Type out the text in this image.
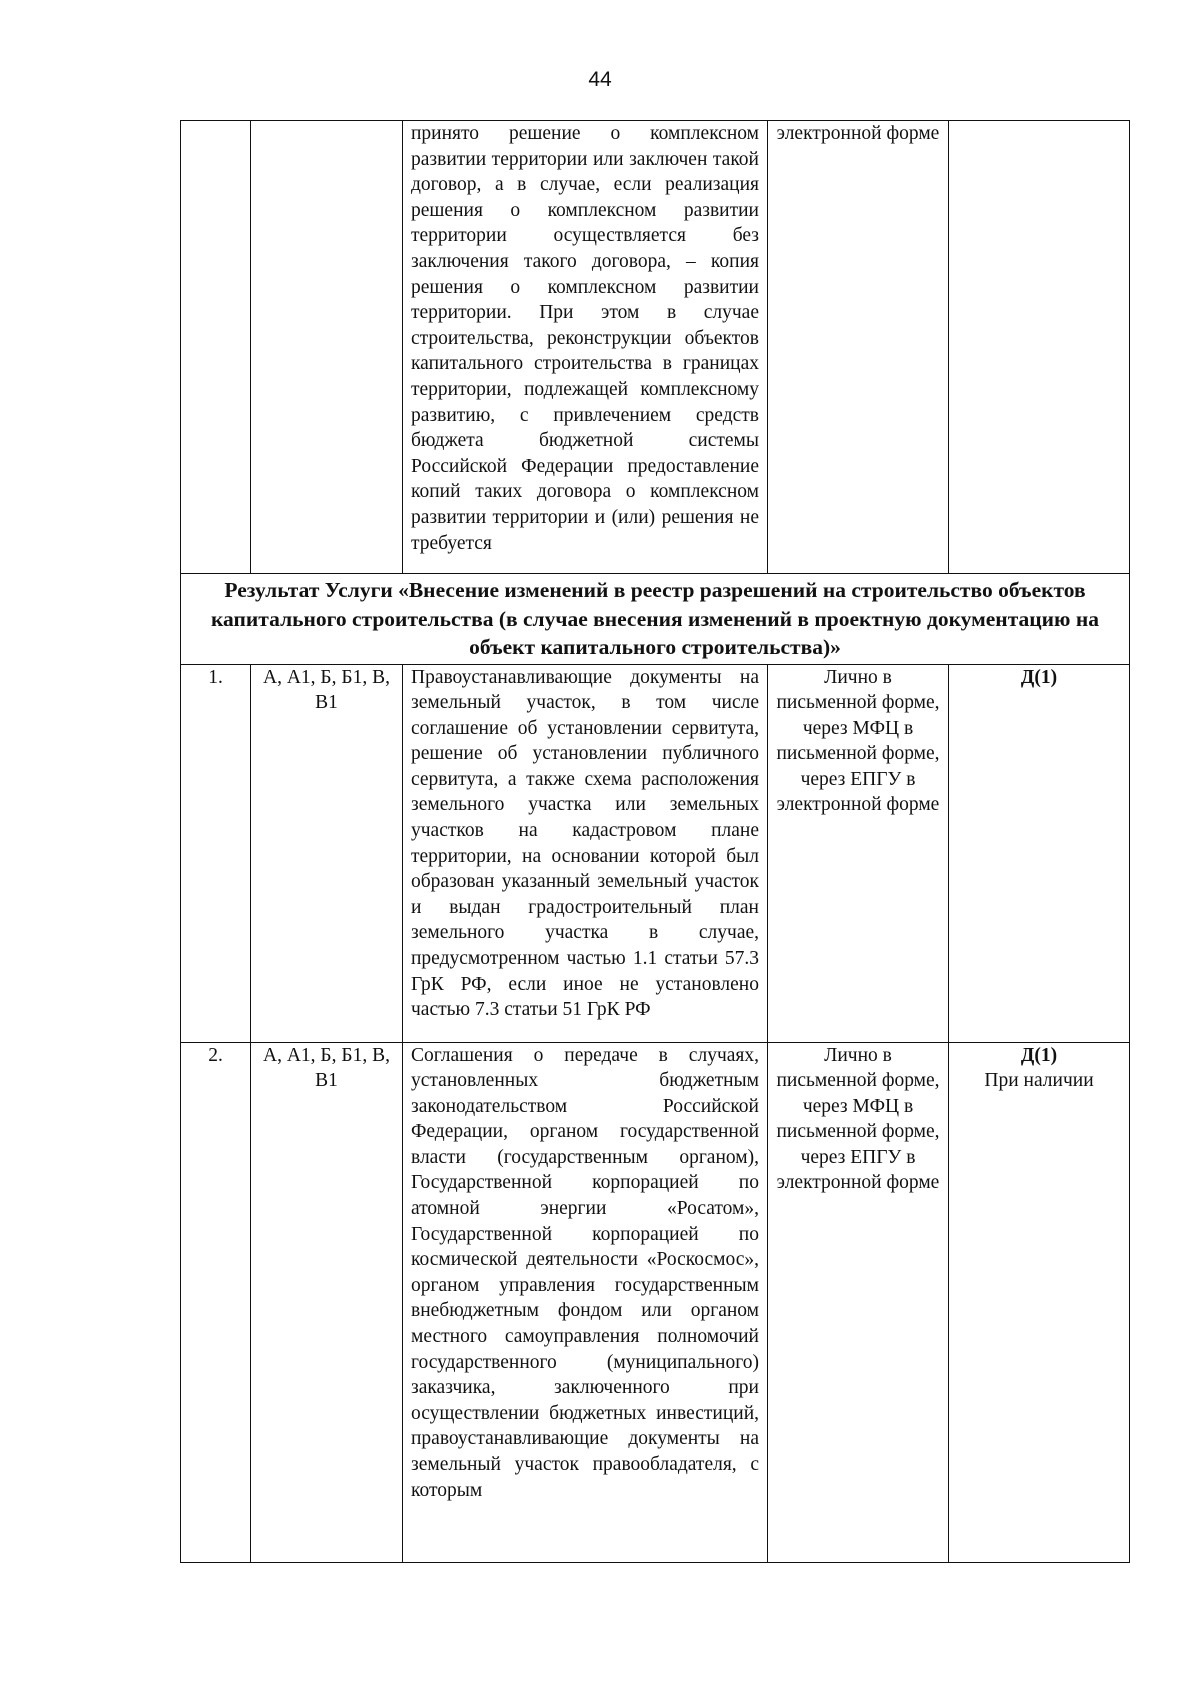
44
		принято решение о комплексном развитии территории или заключен такой договор, а в случае, если реализация решения о комплексном развитии территории осуществляется без заключения такого договора, – копия решения о комплексном развитии территории. При этом в случае строительства, реконструкции объектов капитального строительства в границах территории, подлежащей комплексному развитию, с привлечением средств бюджета бюджетной системы Российской Федерации предоставление копий таких договора о комплексном развитии территории и (или) решения не требуется	электронной форме	
Результат Услуги «Внесение изменений в реестр разрешений на строительство объектов капитального строительства (в случае внесения изменений в проектную документацию на объект капитального строительства)»				
1.	А, А1, Б, Б1, В, В1	Правоустанавливающие документы на земельный участок, в том числе соглашение об установлении сервитута, решение об установлении публичного сервитута, а также схема расположения земельного участка или земельных участков на кадастровом плане территории, на основании которой был образован указанный земельный участок и выдан градостроительный план земельного участка в случае, предусмотренном частью 1.1 статьи 57.3 ГрК РФ, если иное не установлено частью 7.3 статьи 51 ГрК РФ	Лично в письменной форме, через МФЦ в письменной форме, через ЕПГУ в электронной форме	Д(1)

2.	А, А1, Б, Б1, В, В1	Соглашения о передаче в случаях, установленных бюджетным законодательством Российской Федерации, органом государственной власти (государственным органом), Государственной корпорацией по атомной энергии «Росатом», Государственной корпорацией по космической деятельности «Роскосмос», органом управления государственным внебюджетным фондом или органом местного самоуправления полномочий государственного (муниципального) заказчика, заключенного при осуществлении бюджетных инвестиций, правоустанавливающие документы на земельный участок правообладателя, с которым	Лично в письменной форме, через МФЦ в письменной форме, через ЕПГУ в электронной форме	Д(1)
При наличии
